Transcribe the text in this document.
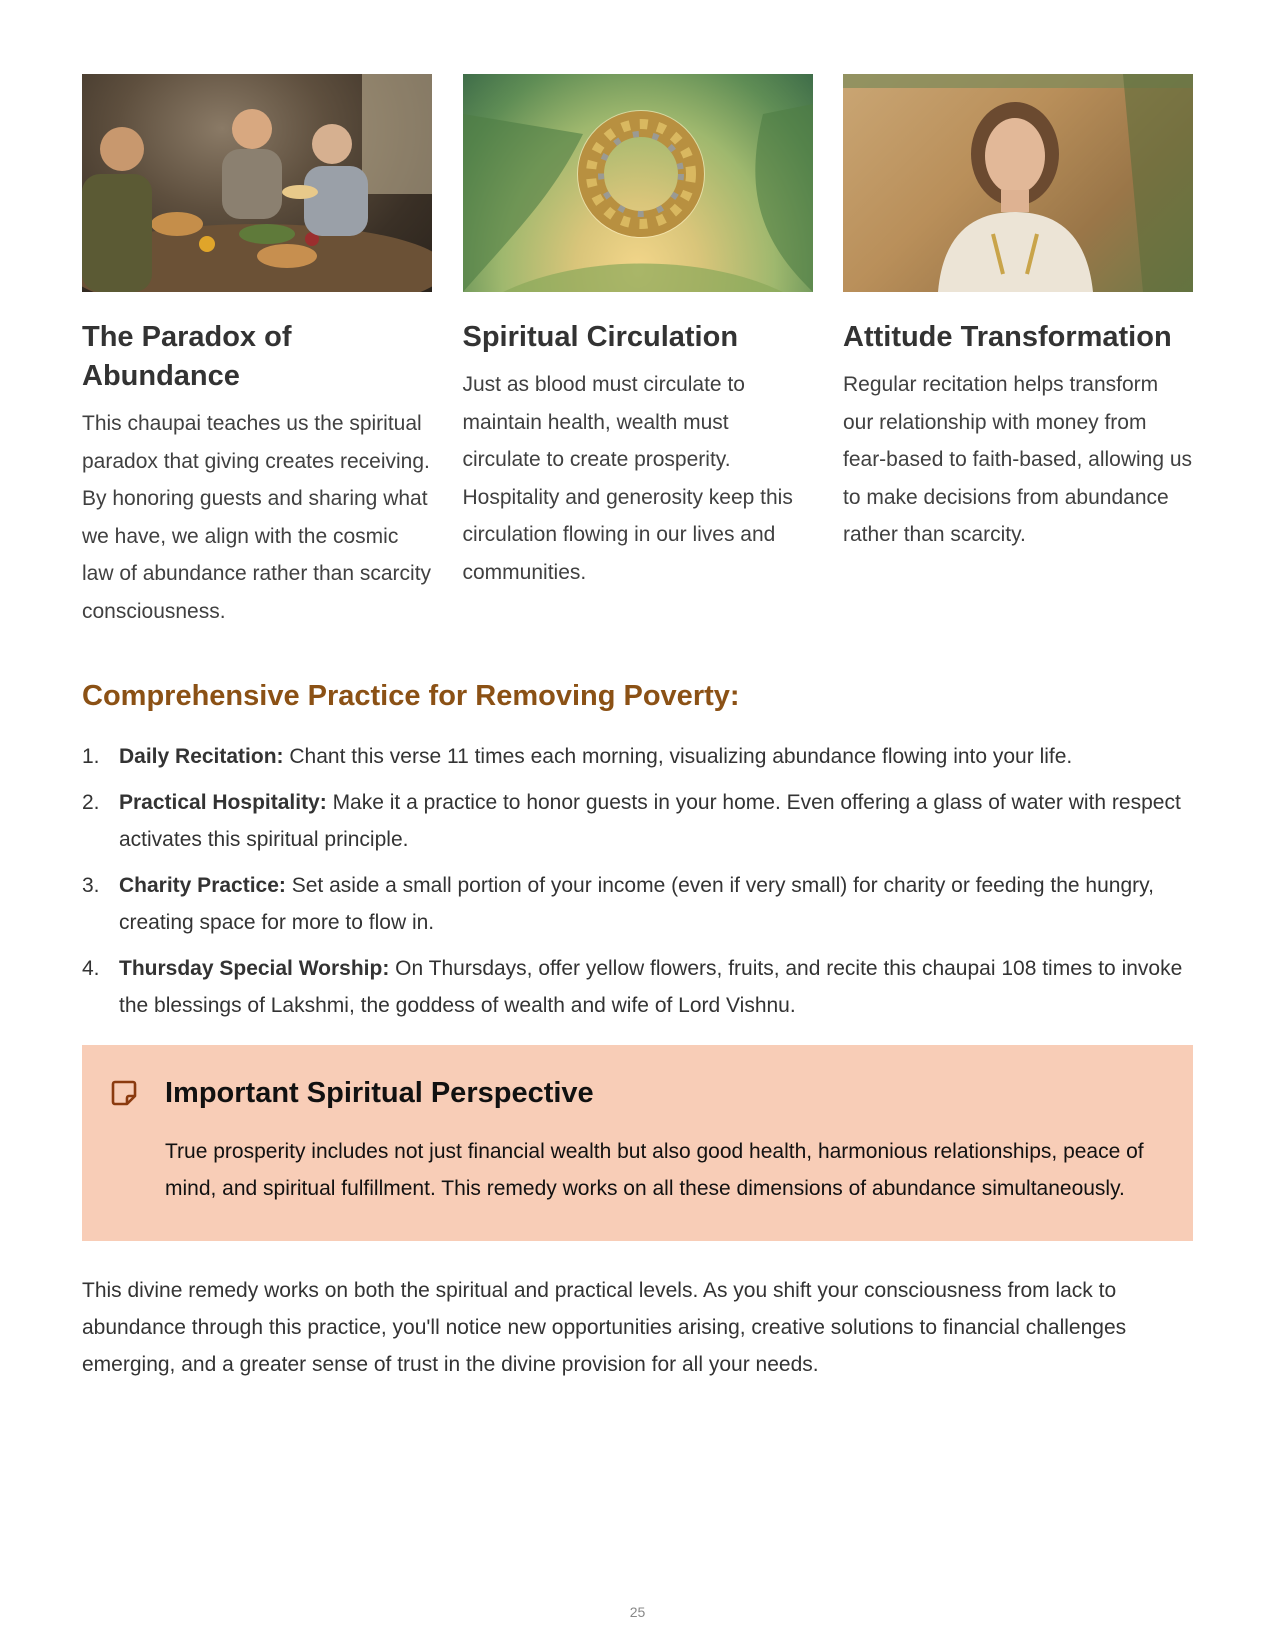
The Paradox of Abundance

This chaupai teaches us the spiritual paradox that giving creates receiving. By honoring guests and sharing what we have, we align with the cosmic law of abundance rather than scarcity consciousness.

Spiritual Circulation

Just as blood must circulate to maintain health, wealth must circulate to create prosperity. Hospitality and generosity keep this circulation flowing in our lives and communities.

Attitude Transformation

Regular recitation helps transform our relationship with money from fear-based to faith-based, allowing us to make decisions from abundance rather than scarcity.

Comprehensive Practice for Removing Poverty:
1. Daily Recitation: Chant this verse 11 times each morning, visualizing abundance flowing into your life.
2. Practical Hospitality: Make it a practice to honor guests in your home. Even offering a glass of water with respect activates this spiritual principle.
3. Charity Practice: Set aside a small portion of your income (even if very small) for charity or feeding the hungry, creating space for more to flow in.
4. Thursday Special Worship: On Thursdays, offer yellow flowers, fruits, and recite this chaupai 108 times to invoke the blessings of Lakshmi, the goddess of wealth and wife of Lord Vishnu.
Important Spiritual Perspective
True prosperity includes not just financial wealth but also good health, harmonious relationships, peace of mind, and spiritual fulfillment. This remedy works on all these dimensions of abundance simultaneously.
This divine remedy works on both the spiritual and practical levels. As you shift your consciousness from lack to abundance through this practice, you'll notice new opportunities arising, creative solutions to financial challenges emerging, and a greater sense of trust in the divine provision for all your needs.
25
